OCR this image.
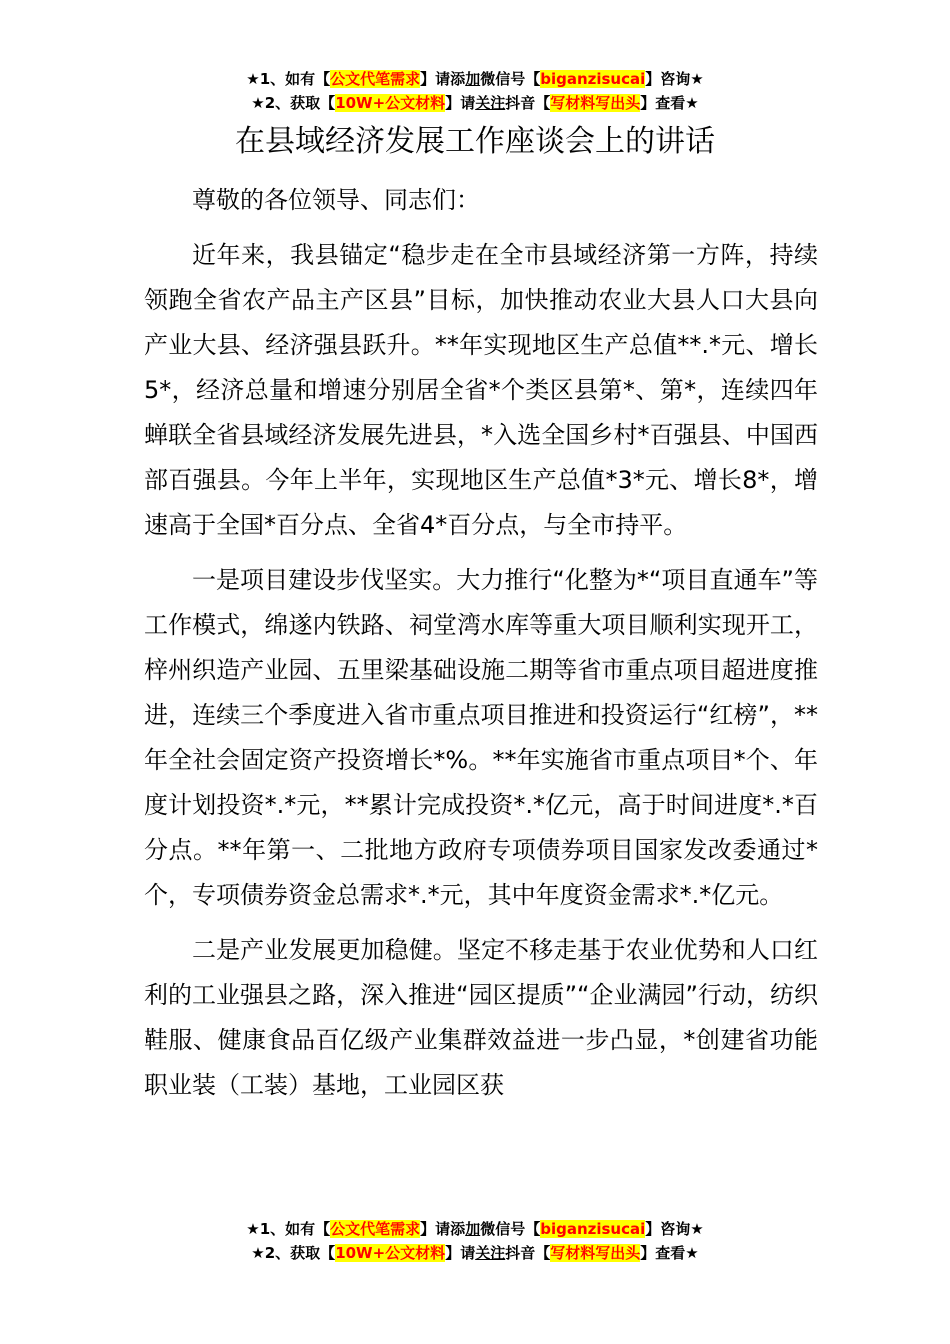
★1、如有【公文代笔需求】请添加微信号【biganzisucai】咨询★
★2、获取【10W+公文材料】请关注抖音【写材料写出头】查看★
在县域经济发展工作座谈会上的讲话

尊敬的各位领导、同志们：

近年来，我县锚定“稳步走在全市县域经济第一方阵，持续领跑全省农产品主产区县”目标，加快推动农业大县人口大县向产业大县、经济强县跃升。**年实现地区生产总值**.*元、增长5*，经济总量和增速分别居全省*个类区县第*、第*，连续四年蝉联全省县域经济发展先进县，*入选全国乡村*百强县、中国西部百强县。今年上半年，实现地区生产总值*3*元、增长8*，增速高于全国*百分点、全省4*百分点，与全市持平。

一是项目建设步伐坚实。大力推行“化整为*“项目直通车”等工作模式，绵遂内铁路、祠堂湾水库等重大项目顺利实现开工，梓州织造产业园、五里梁基础设施二期等省市重点项目超进度推进，连续三个季度进入省市重点项目推进和投资运行“红榜”，**年全社会固定资产投资增长*%。**年实施省市重点项目*个、年度计划投资*.*元，**累计完成投资*.*亿元，高于时间进度*.*百分点。**年第一、二批地方政府专项债券项目国家发改委通过*个，专项债券资金总需求*.*元，其中年度资金需求*.*亿元。

二是产业发展更加稳健。坚定不移走基于农业优势和人口红利的工业强县之路，深入推进“园区提质”“企业满园”行动，纺织鞋服、健康食品百亿级产业集群效益进一步凸显，*创建省功能职业装（工装）基地，工业园区获

★1、如有【公文代笔需求】请添加微信号【biganzisucai】咨询★
★2、获取【10W+公文材料】请关注抖音【写材料写出头】查看★
